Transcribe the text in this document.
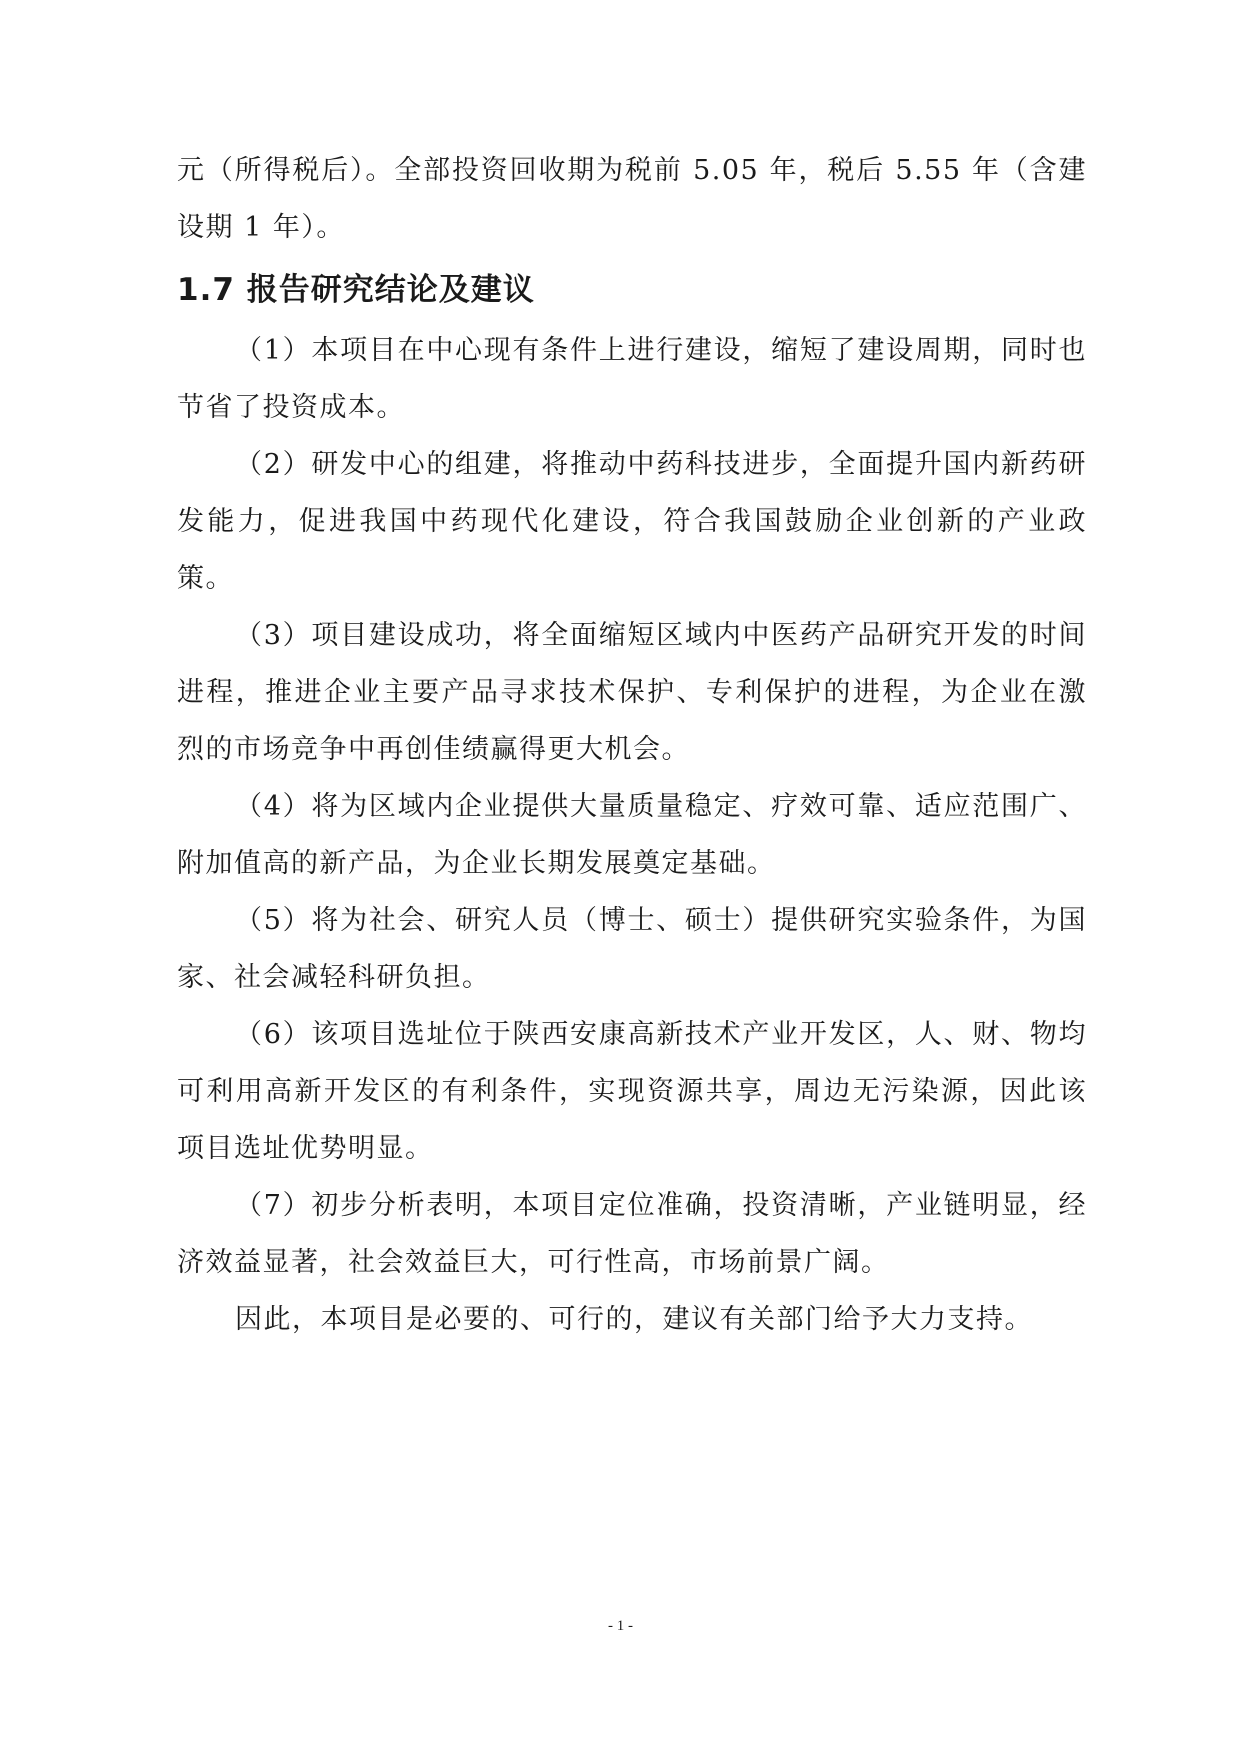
元（所得税后）。全部投资回收期为税前 5.05 年，税后 5.55 年（含建设期 1 年）。

1.7 报告研究结论及建议

（1）本项目在中心现有条件上进行建设，缩短了建设周期，同时也节省了投资成本。

（2）研发中心的组建，将推动中药科技进步，全面提升国内新药研发能力，促进我国中药现代化建设，符合我国鼓励企业创新的产业政策。

（3）项目建设成功，将全面缩短区域内中医药产品研究开发的时间进程，推进企业主要产品寻求技术保护、专利保护的进程，为企业在激烈的市场竞争中再创佳绩赢得更大机会。

（4）将为区域内企业提供大量质量稳定、疗效可靠、适应范围广、附加值高的新产品，为企业长期发展奠定基础。

（5）将为社会、研究人员（博士、硕士）提供研究实验条件，为国家、社会减轻科研负担。

（6）该项目选址位于陕西安康高新技术产业开发区，人、财、物均可利用高新开发区的有利条件，实现资源共享，周边无污染源，因此该项目选址优势明显。

（7）初步分析表明，本项目定位准确，投资清晰，产业链明显，经济效益显著，社会效益巨大，可行性高，市场前景广阔。

因此，本项目是必要的、可行的，建议有关部门给予大力支持。

- 1 -
